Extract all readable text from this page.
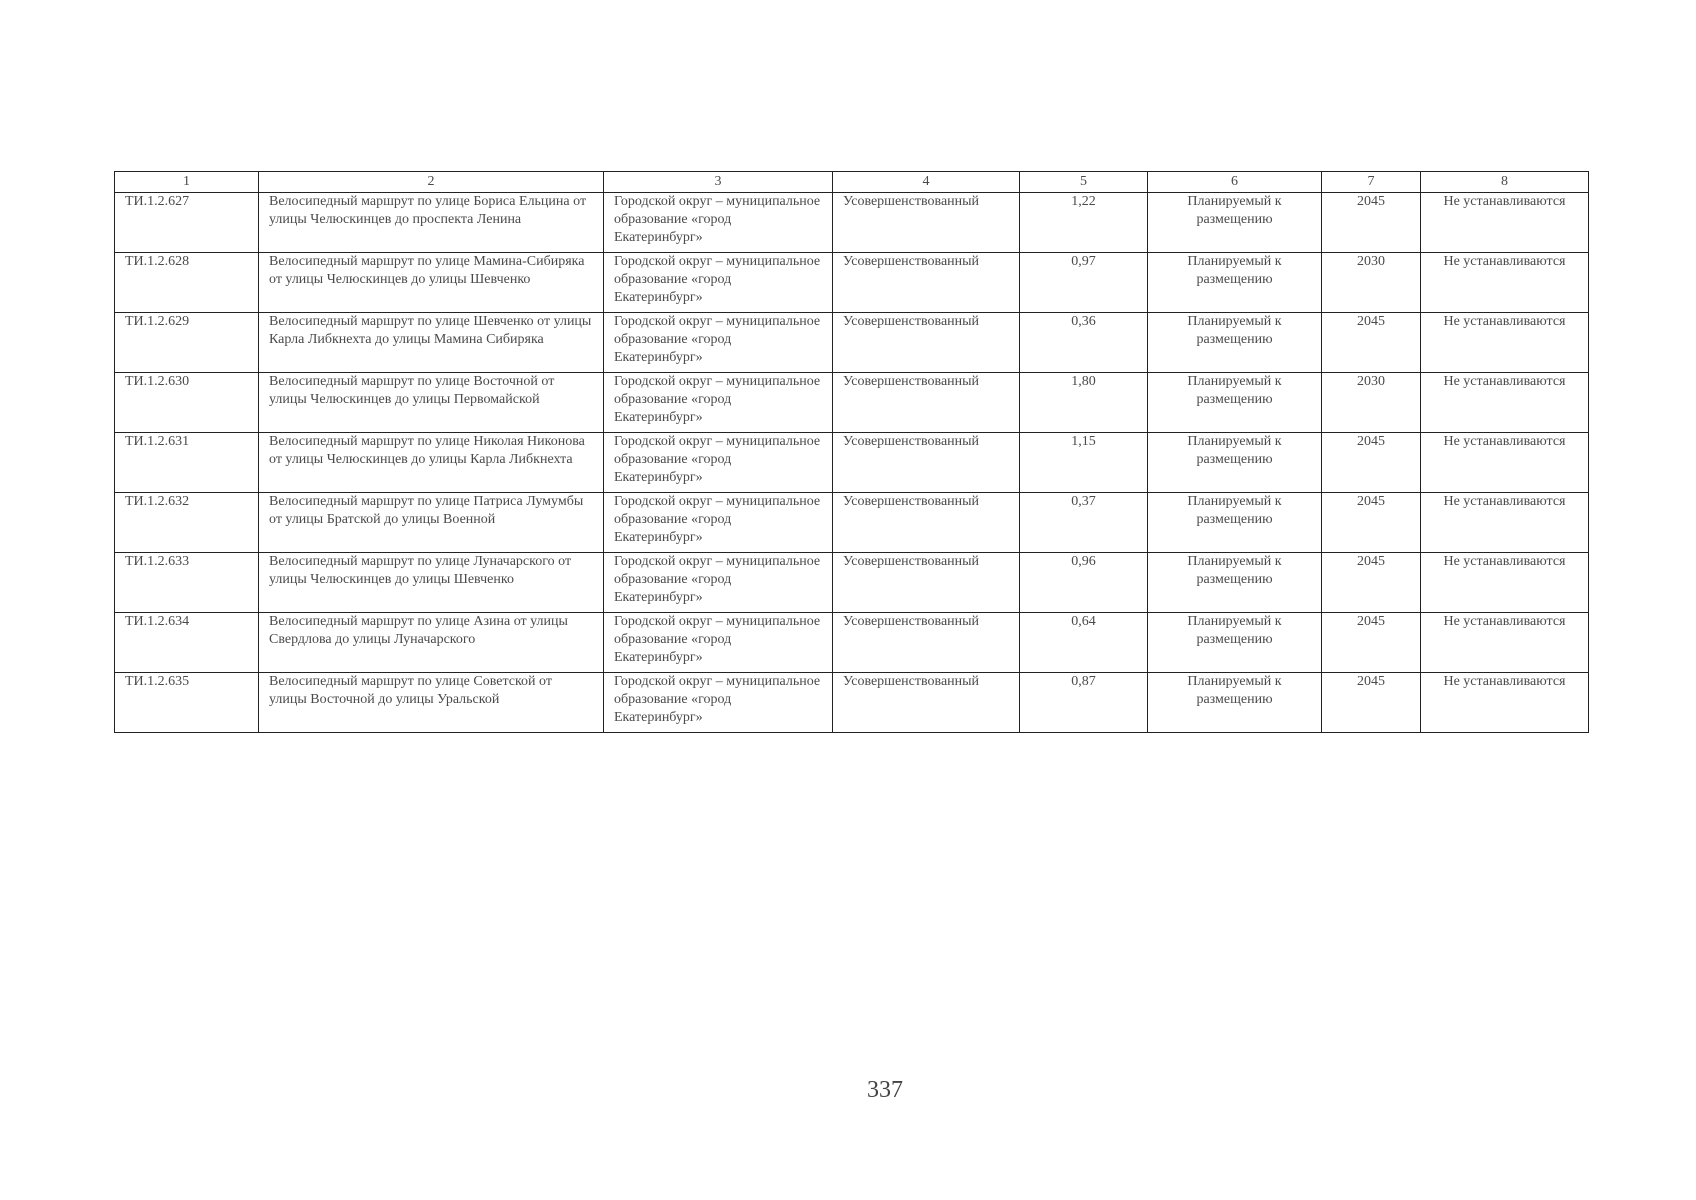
1	2	3	4	5	6	7	8
ТИ.1.2.627	Велосипедный маршрут по улице Бориса Ельцина от улицы Челюскинцев до проспекта Ленина	Городской округ – муниципальное образование «город Екатеринбург»	Усовершенствованный	1,22	Планируемый к размещению	2045	Не устанавливаются
ТИ.1.2.628	Велосипедный маршрут по улице Мамина-Сибиряка от улицы Челюскинцев до улицы Шевченко	Городской округ – муниципальное образование «город Екатеринбург»	Усовершенствованный	0,97	Планируемый к размещению	2030	Не устанавливаются
ТИ.1.2.629	Велосипедный маршрут по улице Шевченко от улицы Карла Либкнехта до улицы Мамина Сибиряка	Городской округ – муниципальное образование «город Екатеринбург»	Усовершенствованный	0,36	Планируемый к размещению	2045	Не устанавливаются
ТИ.1.2.630	Велосипедный маршрут по улице Восточной от улицы Челюскинцев до улицы Первомайской	Городской округ – муниципальное образование «город Екатеринбург»	Усовершенствованный	1,80	Планируемый к размещению	2030	Не устанавливаются
ТИ.1.2.631	Велосипедный маршрут по улице Николая Никонова от улицы Челюскинцев до улицы Карла Либкнехта	Городской округ – муниципальное образование «город Екатеринбург»	Усовершенствованный	1,15	Планируемый к размещению	2045	Не устанавливаются
ТИ.1.2.632	Велосипедный маршрут по улице Патриса Лумумбы от улицы Братской до улицы Военной	Городской округ – муниципальное образование «город Екатеринбург»	Усовершенствованный	0,37	Планируемый к размещению	2045	Не устанавливаются
ТИ.1.2.633	Велосипедный маршрут по улице Луначарского от улицы Челюскинцев до улицы Шевченко	Городской округ – муниципальное образование «город Екатеринбург»	Усовершенствованный	0,96	Планируемый к размещению	2045	Не устанавливаются
ТИ.1.2.634	Велосипедный маршрут по улице Азина от улицы Свердлова до улицы Луначарского	Городской округ – муниципальное образование «город Екатеринбург»	Усовершенствованный	0,64	Планируемый к размещению	2045	Не устанавливаются
ТИ.1.2.635	Велосипедный маршрут по улице Советской от улицы Восточной до улицы Уральской	Городской округ – муниципальное образование «город Екатеринбург»	Усовершенствованный	0,87	Планируемый к размещению	2045	Не устанавливаются
337
